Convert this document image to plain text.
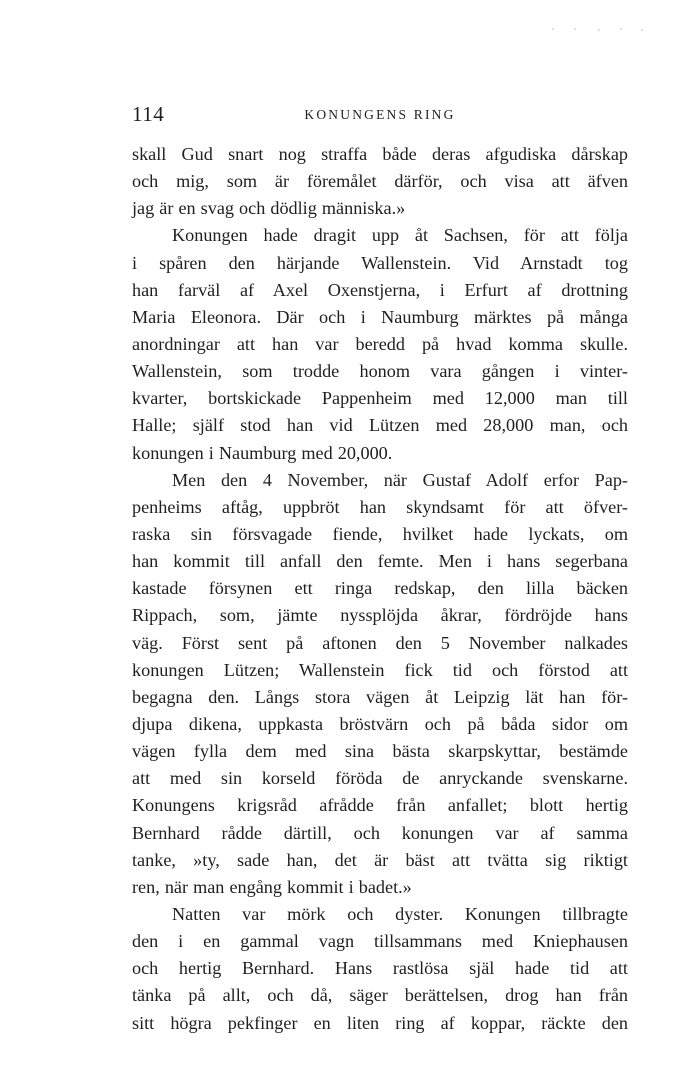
114	KONUNGENS RING
skall Gud snart nog straffa både deras afgudiska dårskap
och mig, som är föremålet därför, och visa att äfven
jag är en svag och dödlig människa.»
Konungen hade dragit upp åt Sachsen, för att följa
i spåren den härjande Wallenstein. Vid Arnstadt tog
han farväl af Axel Oxenstjerna, i Erfurt af drottning
Maria Eleonora. Där och i Naumburg märktes på många
anordningar att han var beredd på hvad komma skulle.
Wallenstein, som trodde honom vara gången i vinter-
kvarter, bortskickade Pappenheim med 12,000 man till
Halle; själf stod han vid Lützen med 28,000 man, och
konungen i Naumburg med 20,000.
Men den 4 November, när Gustaf Adolf erfor Pap-
penheims aftåg, uppbröt han skyndsamt för att öfver-
raska sin försvagade fiende, hvilket hade lyckats, om
han kommit till anfall den femte. Men i hans segerbana
kastade försynen ett ringa redskap, den lilla bäcken
Rippach, som, jämte nyssplöjda åkrar, fördröjde hans
väg. Först sent på aftonen den 5 November nalkades
konungen Lützen; Wallenstein fick tid och förstod att
begagna den. Långs stora vägen åt Leipzig lät han för-
djupa dikena, uppkasta bröstvärn och på båda sidor om
vägen fylla dem med sina bästa skarpskyttar, bestämde
att med sin korseld föröda de anryckande svenskarne.
Konungens krigsråd afrådde från anfallet; blott hertig
Bernhard rådde därtill, och konungen var af samma
tanke, »ty, sade han, det är bäst att tvätta sig riktigt
ren, när man engång kommit i badet.»
Natten var mörk och dyster. Konungen tillbragte
den i en gammal vagn tillsammans med Kniephausen
och hertig Bernhard. Hans rastlösa själ hade tid att
tänka på allt, och då, säger berättelsen, drog han från
sitt högra pekfinger en liten ring af koppar, räckte den
